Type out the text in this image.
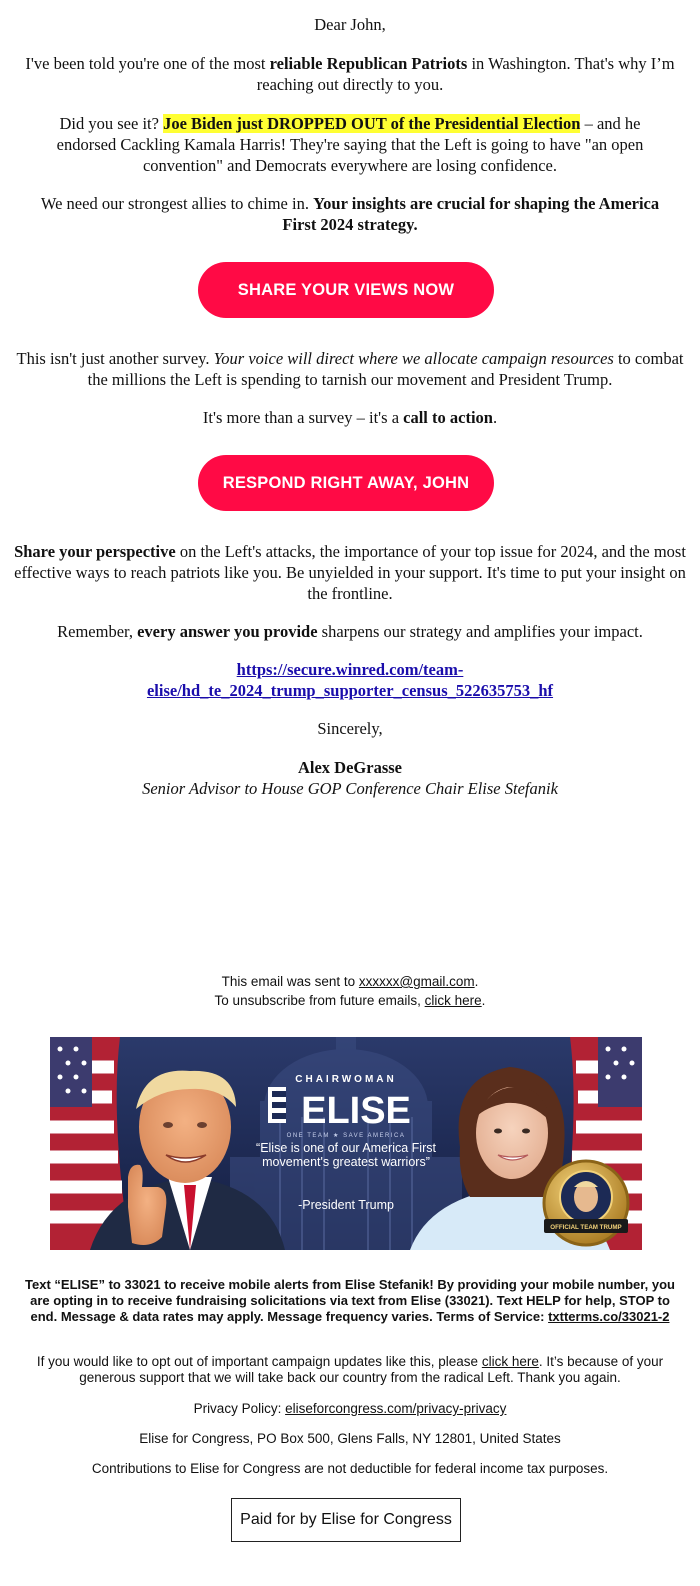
Dear John,

I've been told you're one of the most reliable Republican Patriots in Washington. That's why I’m reaching out directly to you.

Did you see it? Joe Biden just DROPPED OUT of the Presidential Election – and he endorsed Cackling Kamala Harris! They're saying that the Left is going to have "an open convention" and Democrats everywhere are losing confidence.

We need our strongest allies to chime in. Your insights are crucial for shaping the America First 2024 strategy.

SHARE YOUR VIEWS NOW

This isn't just another survey. Your voice will direct where we allocate campaign resources to combat the millions the Left is spending to tarnish our movement and President Trump.

It's more than a survey – it's a call to action.

RESPOND RIGHT AWAY, JOHN

Share your perspective on the Left's attacks, the importance of your top issue for 2024, and the most effective ways to reach patriots like you. Be unyielded in your support. It's time to put your insight on the frontline.

Remember, every answer you provide sharpens our strategy and amplifies your impact.

https://secure.winred.com/team-
elise/hd_te_2024_trump_supporter_census_522635753_hf

Sincerely,

Alex DeGrasse

Senior Advisor to House GOP Conference Chair Elise Stefanik

This email was sent to xxxxxx@gmail.com.

To unsubscribe from future emails, click here.

CHAIRWOMAN
ELISE
ONE TEAM ★ SAVE AMERICA
“Elise is one of our America First movement's greatest warriors”
-President Trump
OFFICIAL TEAM TRUMP

Text “ELISE” to 33021 to receive mobile alerts from Elise Stefanik! By providing your mobile number, you are opting in to receive fundraising solicitations via text from Elise (33021). Text HELP for help, STOP to end. Message & data rates may apply. Message frequency varies. Terms of Service: txtterms.co/33021-2

If you would like to opt out of important campaign updates like this, please click here. It’s because of your generous support that we will take back our country from the radical Left. Thank you again.

Privacy Policy: eliseforcongress.com/privacy-privacy

Elise for Congress, PO Box 500, Glens Falls, NY 12801, United States

Contributions to Elise for Congress are not deductible for federal income tax purposes.

Paid for by Elise for Congress
